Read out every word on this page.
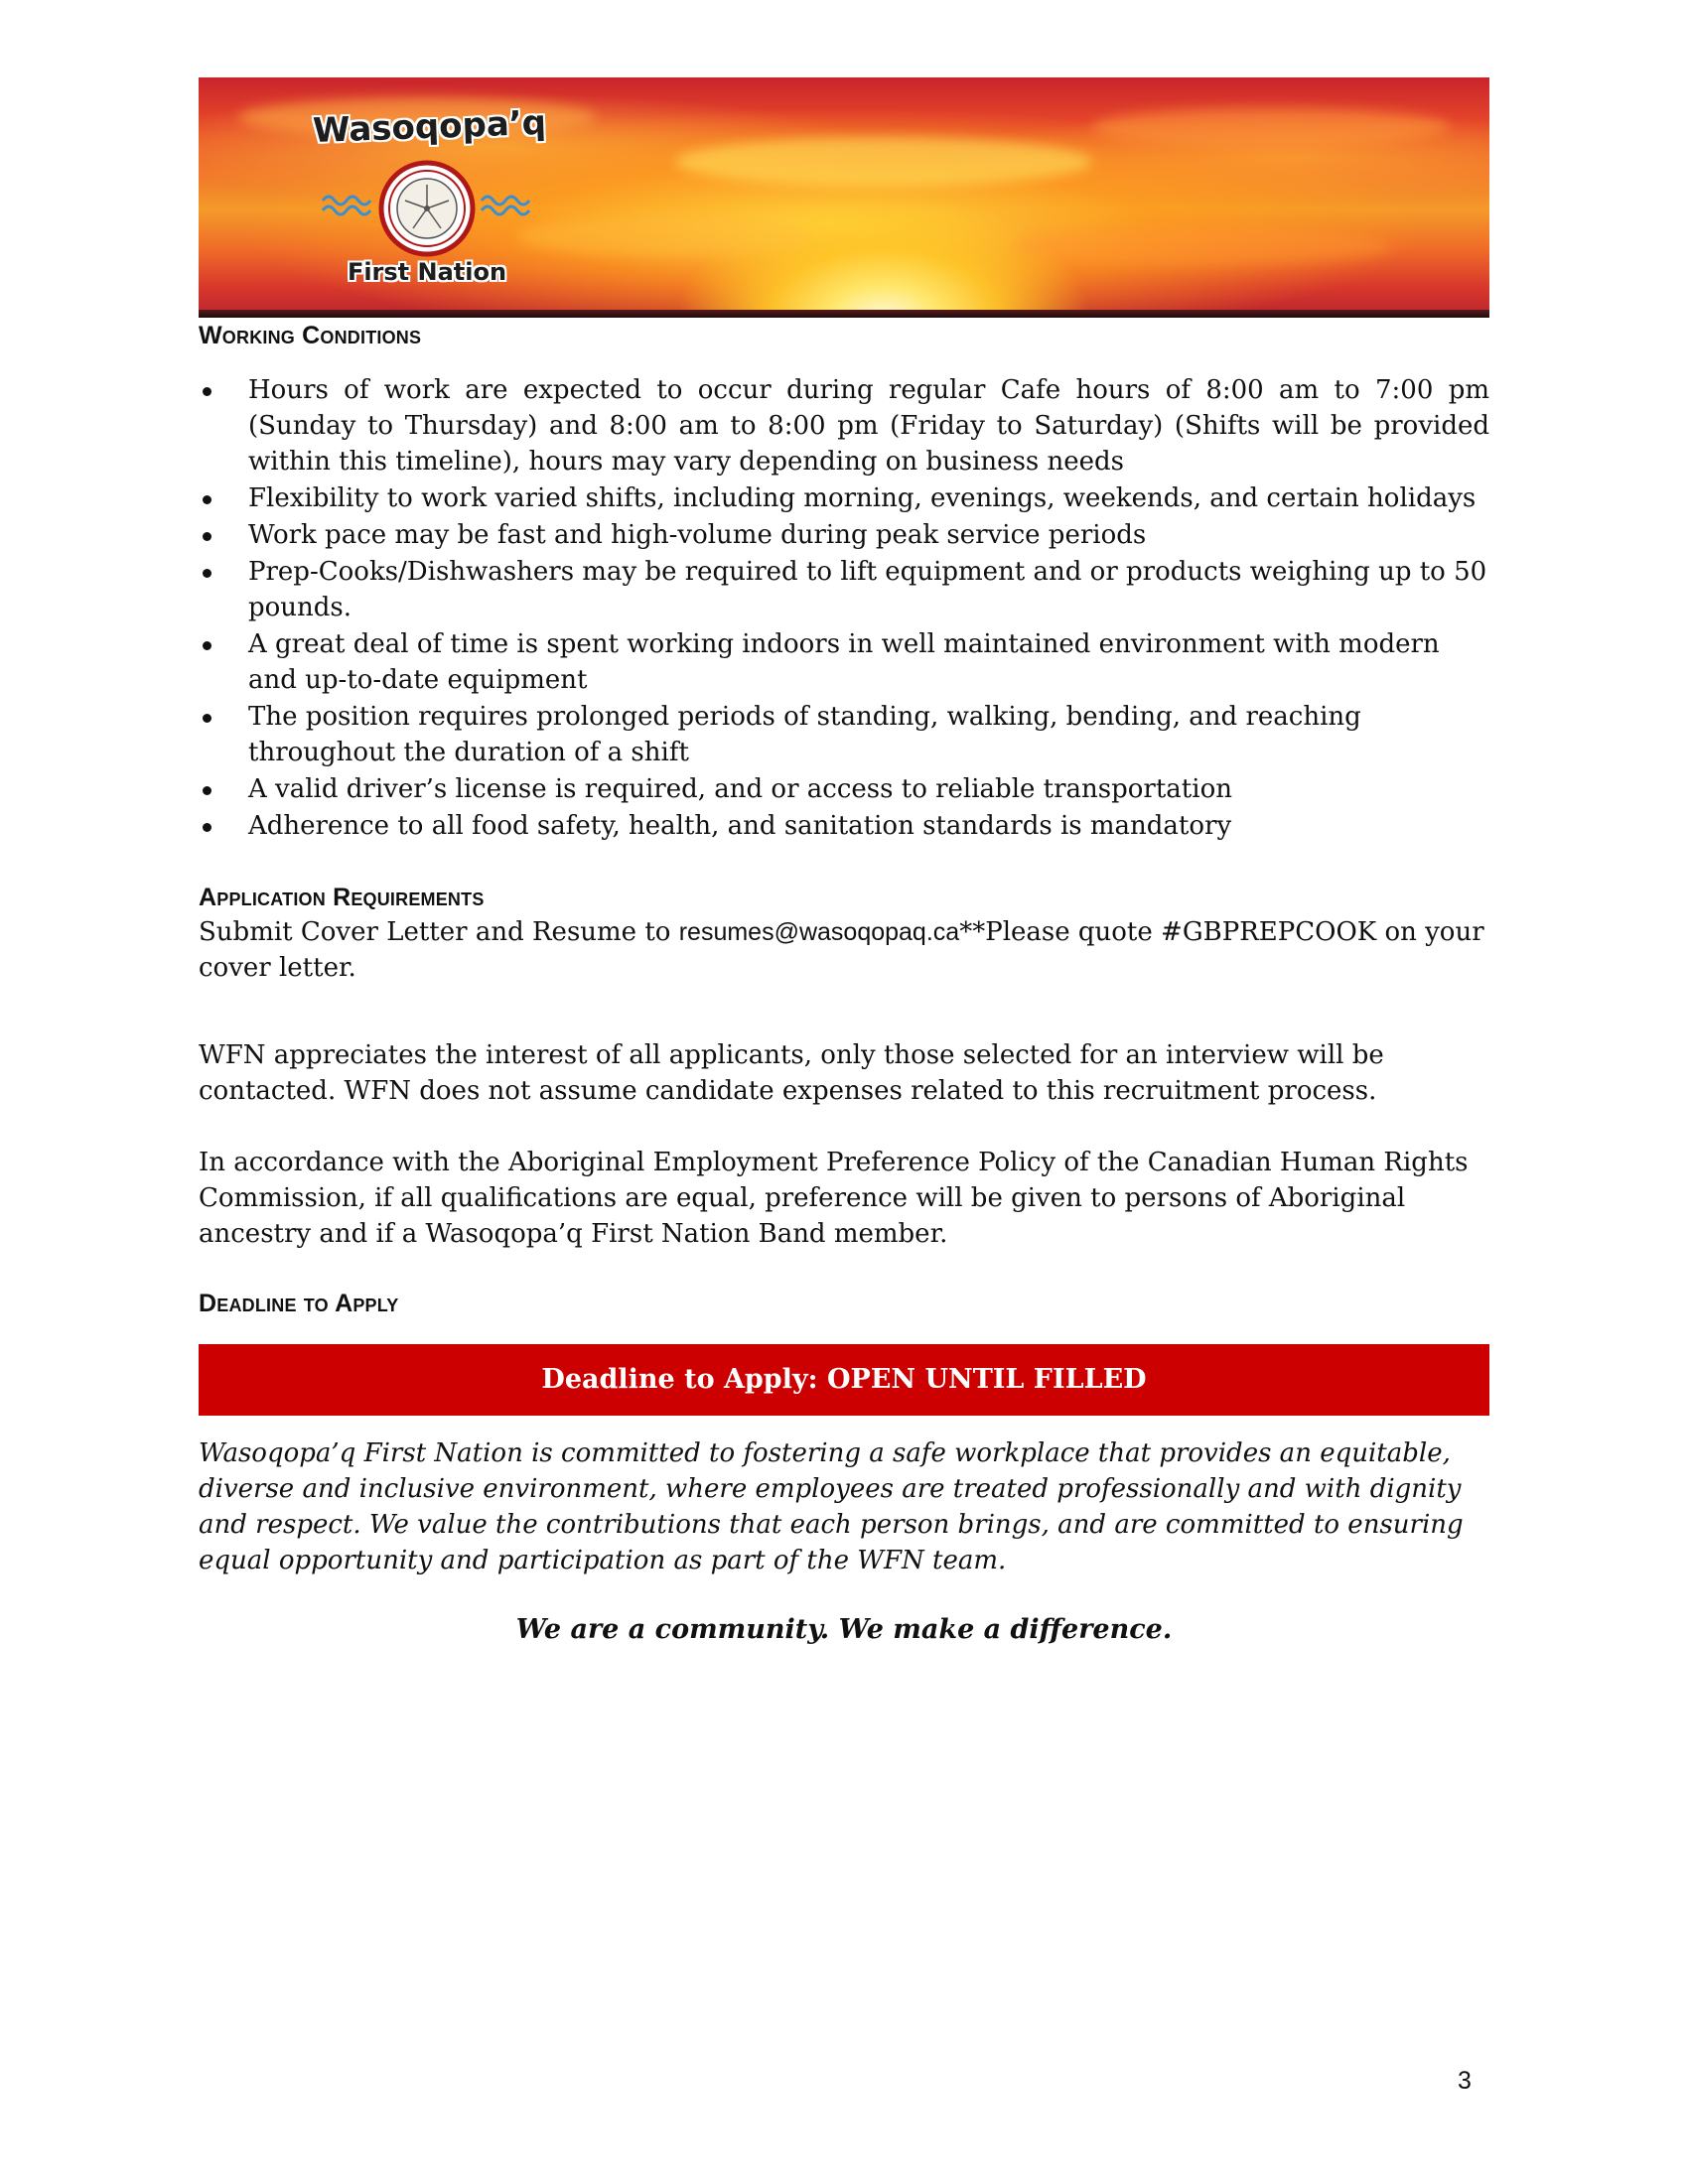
Wasoqopa’q
First Nation
Working Conditions
Hours of work are expected to occur during regular Cafe hours of 8:00 am to 7:00 pm (Sunday to Thursday) and 8:00 am to 8:00 pm (Friday to Saturday) (Shifts will be provided within this timeline), hours may vary depending on business needs
Flexibility to work varied shifts, including morning, evenings, weekends, and certain holidays
Work pace may be fast and high-volume during peak service periods
Prep-Cooks/Dishwashers may be required to lift equipment and or products weighing up to 50 pounds.
A great deal of time is spent working indoors in well maintained environment with modern and up-to-date equipment
The position requires prolonged periods of standing, walking, bending, and reaching throughout the duration of a shift
A valid driver’s license is required, and or access to reliable transportation
Adherence to all food safety, health, and sanitation standards is mandatory
Application Requirements

Submit Cover Letter and Resume to resumes@wasoqopaq.ca**Please quote #GBPREPCOOK on your cover letter.

WFN appreciates the interest of all applicants, only those selected for an interview will be contacted. WFN does not assume candidate expenses related to this recruitment process.

In accordance with the Aboriginal Employment Preference Policy of the Canadian Human Rights Commission, if all qualifications are equal, preference will be given to persons of Aboriginal ancestry and if a Wasoqopa’q First Nation Band member.

Deadline to Apply
Deadline to Apply: OPEN UNTIL FILLED

Wasoqopa’q First Nation is committed to fostering a safe workplace that provides an equitable, diverse and inclusive environment, where employees are treated professionally and with dignity and respect. We value the contributions that each person brings, and are committed to ensuring equal opportunity and participation as part of the WFN team.

We are a community. We make a difference.

3
